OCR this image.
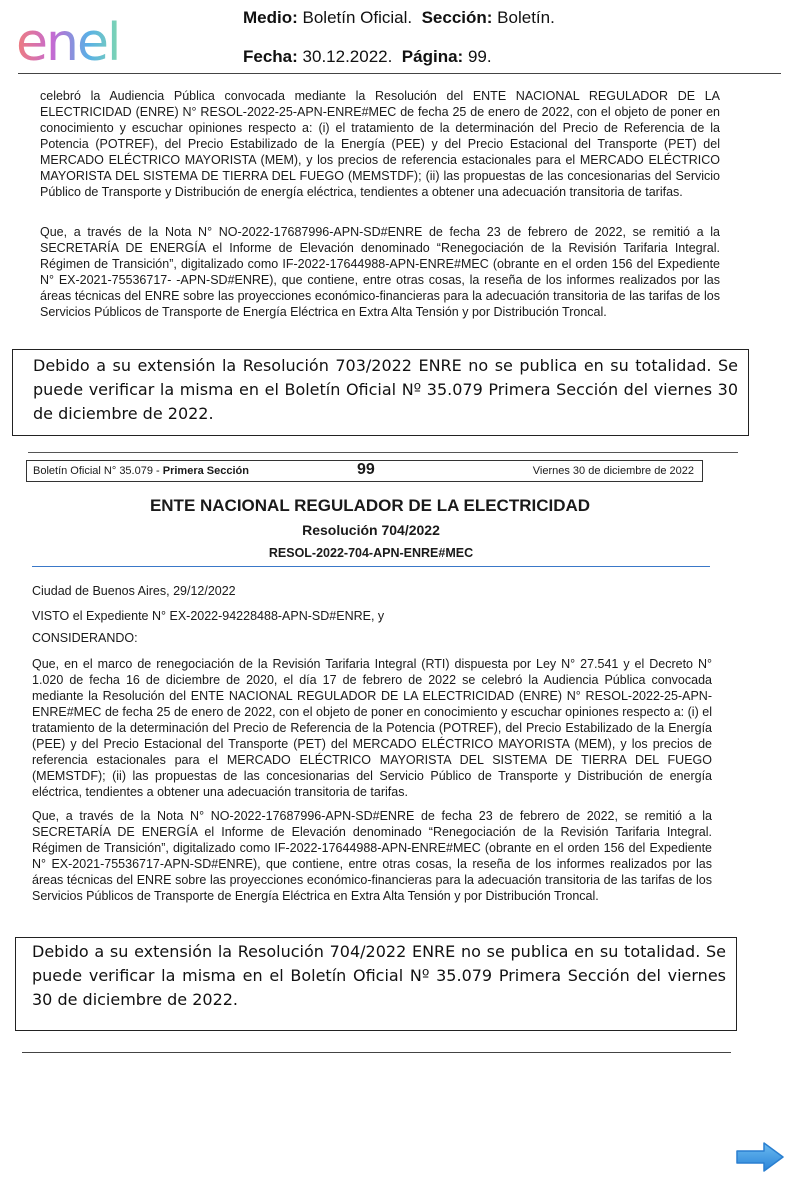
enel	Medio: Boletín Oficial. Sección: Boletín.
Fecha: 30.12.2022. Página: 99.

celebró la Audiencia Pública convocada mediante la Resolución del ENTE NACIONAL REGULADOR DE LA ELECTRICIDAD (ENRE) N° RESOL-2022-25-APN-ENRE#MEC de fecha 25 de enero de 2022, con el objeto de poner en conocimiento y escuchar opiniones respecto a: (i) el tratamiento de la determinación del Precio de Referencia de la Potencia (POTREF), del Precio Estabilizado de la Energía (PEE) y del Precio Estacional del Transporte (PET) del MERCADO ELÉCTRICO MAYORISTA (MEM), y los precios de referencia estacionales para el MERCADO ELÉCTRICO MAYORISTA DEL SISTEMA DE TIERRA DEL FUEGO (MEMSTDF); (ii) las propuestas de las concesionarias del Servicio Público de Transporte y Distribución de energía eléctrica, tendientes a obtener una adecuación transitoria de tarifas.

Que, a través de la Nota N° NO-2022-17687996-APN-SD#ENRE de fecha 23 de febrero de 2022, se remitió a la SECRETARÍA DE ENERGÍA el Informe de Elevación denominado “Renegociación de la Revisión Tarifaria Integral. Régimen de Transición”, digitalizado como IF-2022-17644988-APN-ENRE#MEC (obrante en el orden 156 del Expediente N° EX-2021-75536717- -APN-SD#ENRE), que contiene, entre otras cosas, la reseña de los informes realizados por las áreas técnicas del ENRE sobre las proyecciones económico-financieras para la adecuación transitoria de las tarifas de los Servicios Públicos de Transporte de Energía Eléctrica en Extra Alta Tensión y por Distribución Troncal.

Debido a su extensión la Resolución 703/2022 ENRE no se publica en su totalidad. Se puede verificar la misma en el Boletín Oficial Nº 35.079 Primera Sección del viernes 30 de diciembre de 2022.
Boletín Oficial N° 35.079 - Primera Sección	99	Viernes 30 de diciembre de 2022
ENTE NACIONAL REGULADOR DE LA ELECTRICIDAD
Resolución 704/2022
RESOL-2022-704-APN-ENRE#MEC
Ciudad de Buenos Aires, 29/12/2022
VISTO el Expediente N° EX-2022-94228488-APN-SD#ENRE, y
CONSIDERANDO:

Que, en el marco de renegociación de la Revisión Tarifaria Integral (RTI) dispuesta por Ley N° 27.541 y el Decreto N° 1.020 de fecha 16 de diciembre de 2020, el día 17 de febrero de 2022 se celebró la Audiencia Pública convocada mediante la Resolución del ENTE NACIONAL REGULADOR DE LA ELECTRICIDAD (ENRE) N° RESOL-2022-25-APN-ENRE#MEC de fecha 25 de enero de 2022, con el objeto de poner en conocimiento y escuchar opiniones respecto a: (i) el tratamiento de la determinación del Precio de Referencia de la Potencia (POTREF), del Precio Estabilizado de la Energía (PEE) y del Precio Estacional del Transporte (PET) del MERCADO ELÉCTRICO MAYORISTA (MEM), y los precios de referencia estacionales para el MERCADO ELÉCTRICO MAYORISTA DEL SISTEMA DE TIERRA DEL FUEGO (MEMSTDF); (ii) las propuestas de las concesionarias del Servicio Público de Transporte y Distribución de energía eléctrica, tendientes a obtener una adecuación transitoria de tarifas.

Que, a través de la Nota N° NO-2022-17687996-APN-SD#ENRE de fecha 23 de febrero de 2022, se remitió a la SECRETARÍA DE ENERGÍA el Informe de Elevación denominado “Renegociación de la Revisión Tarifaria Integral. Régimen de Transición”, digitalizado como IF-2022-17644988-APN-ENRE#MEC (obrante en el orden 156 del Expediente N° EX-2021-75536717-APN-SD#ENRE), que contiene, entre otras cosas, la reseña de los informes realizados por las áreas técnicas del ENRE sobre las proyecciones económico-financieras para la adecuación transitoria de las tarifas de los Servicios Públicos de Transporte de Energía Eléctrica en Extra Alta Tensión y por Distribución Troncal.

Debido a su extensión la Resolución 704/2022 ENRE no se publica en su totalidad. Se puede verificar la misma en el Boletín Oficial Nº 35.079 Primera Sección del viernes 30 de diciembre de 2022.
